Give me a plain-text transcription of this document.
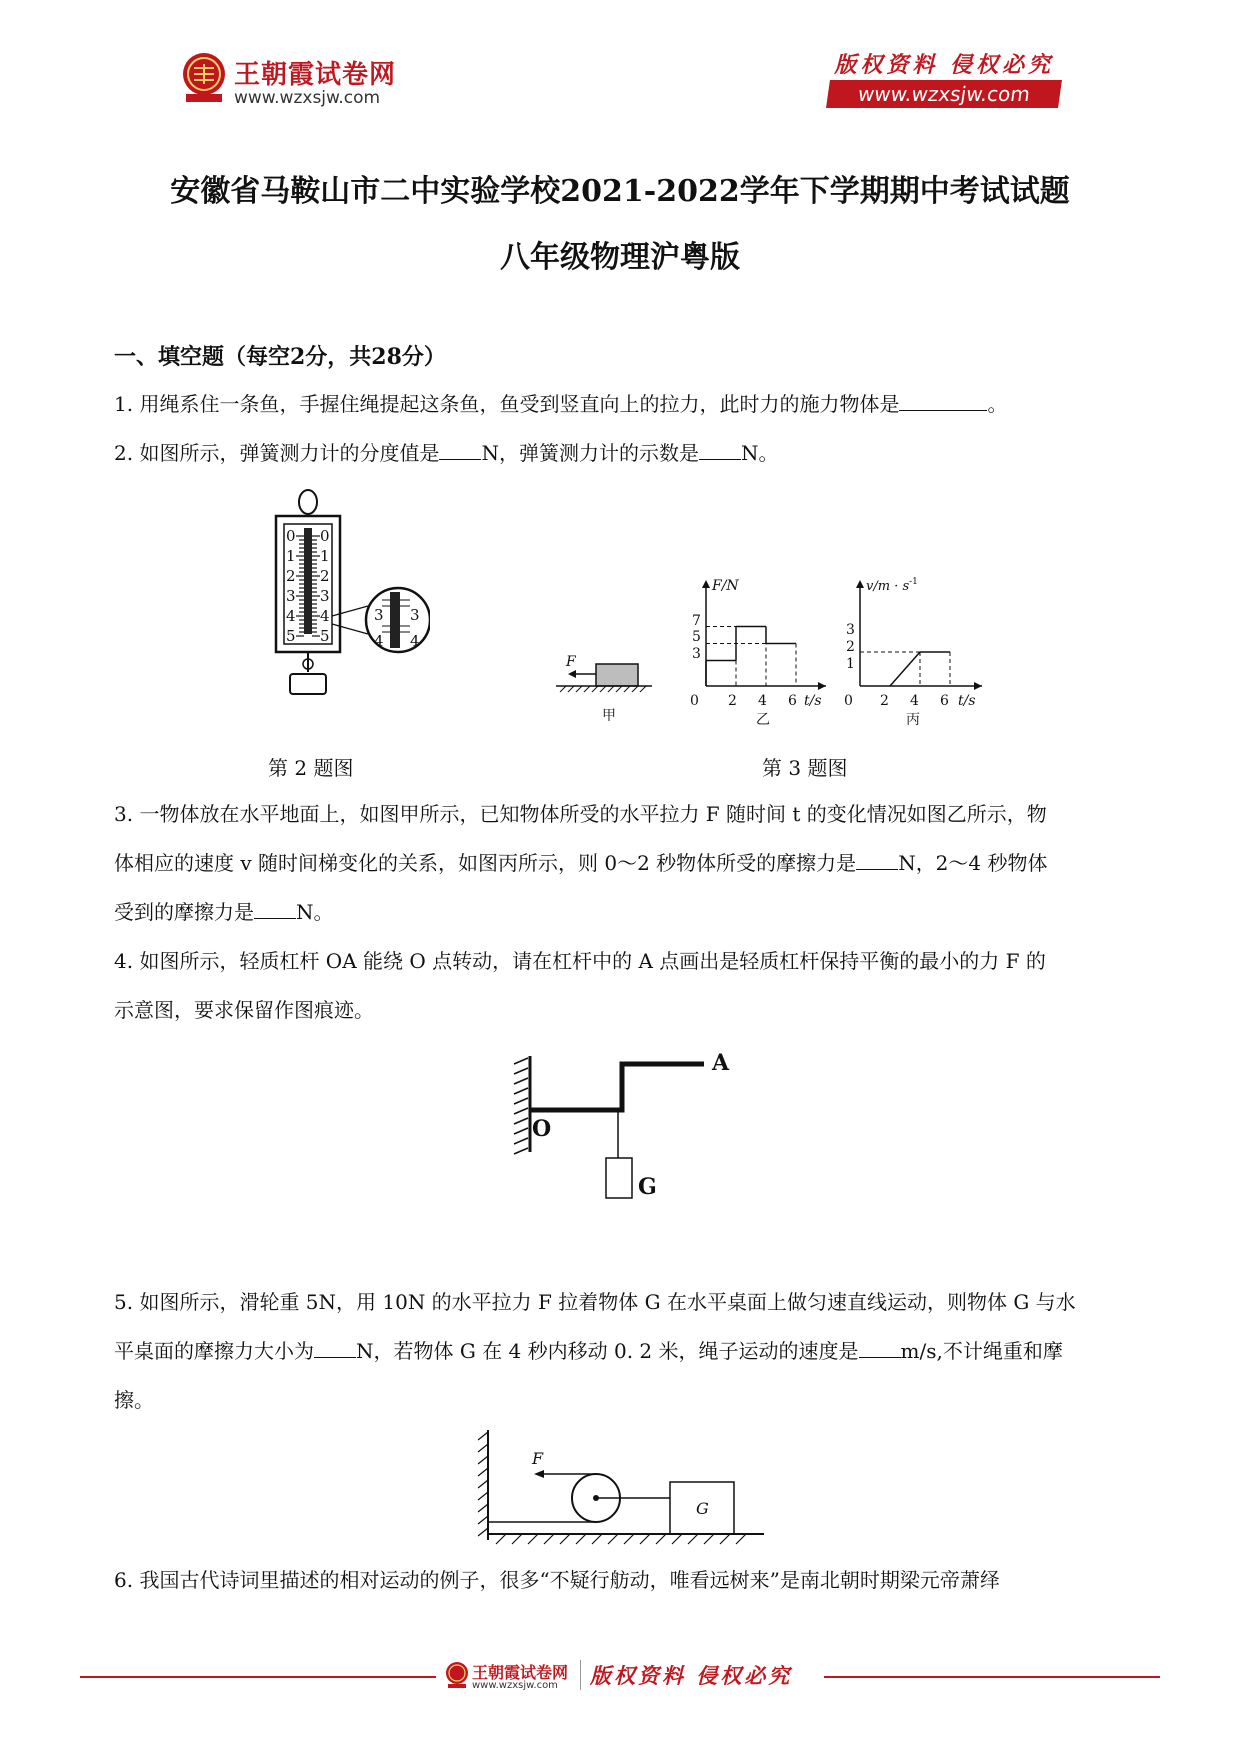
王朝霞试卷网
www.wzxsjw.com
版权资料 侵权必究
www.wzxsjw.com
安徽省马鞍山市二中实验学校2021-2022学年下学期期中考试试题
八年级物理沪粤版
一、填空题（每空2分，共28分）
1. 用绳系住一条鱼，手握住绳提起这条鱼，鱼受到竖直向上的拉力，此时力的施力物体是	。
2. 如图所示，弹簧测力计的分度值是 N，弹簧测力计的示数是 N。
0
1
2
3
4
5
0
1
2
3
4
5
3 3
4 4
F
甲
F/N
t/s
7
5
3
0 2 4 6
乙
$v/m \cdot s^{-1}$
t/s
3
2
1
0 2 4 6
丙
第 2 题图	第 3 题图
3. 一物体放在水平地面上，如图甲所示，已知物体所受的水平拉力 F 随时间 t 的变化情况如图乙所示，物
体相应的速度 v 随时间梯变化的关系，如图丙所示，则 0～2 秒物体所受的摩擦力是 N，2～4 秒物体
受到的摩擦力是 N。
4. 如图所示，轻质杠杆 OA 能绕 O 点转动，请在杠杆中的 A 点画出是轻质杠杆保持平衡的最小的力 F 的
示意图，要求保留作图痕迹。
A
O
G
5. 如图所示，滑轮重 5N，用 10N 的水平拉力 F 拉着物体 G 在水平桌面上做匀速直线运动，则物体 G 与水
平桌面的摩擦力大小为 N，若物体 G 在 4 秒内移动 0. 2 米，绳子运动的速度是 m/s,不计绳重和摩
擦。
F
G
6. 我国古代诗词里描述的相对运动的例子，很多“不疑行舫动，唯看远树来”是南北朝时期梁元帝萧绎
王朝霞试卷网
www.wzxsjw.com 版权资料 侵权必究
